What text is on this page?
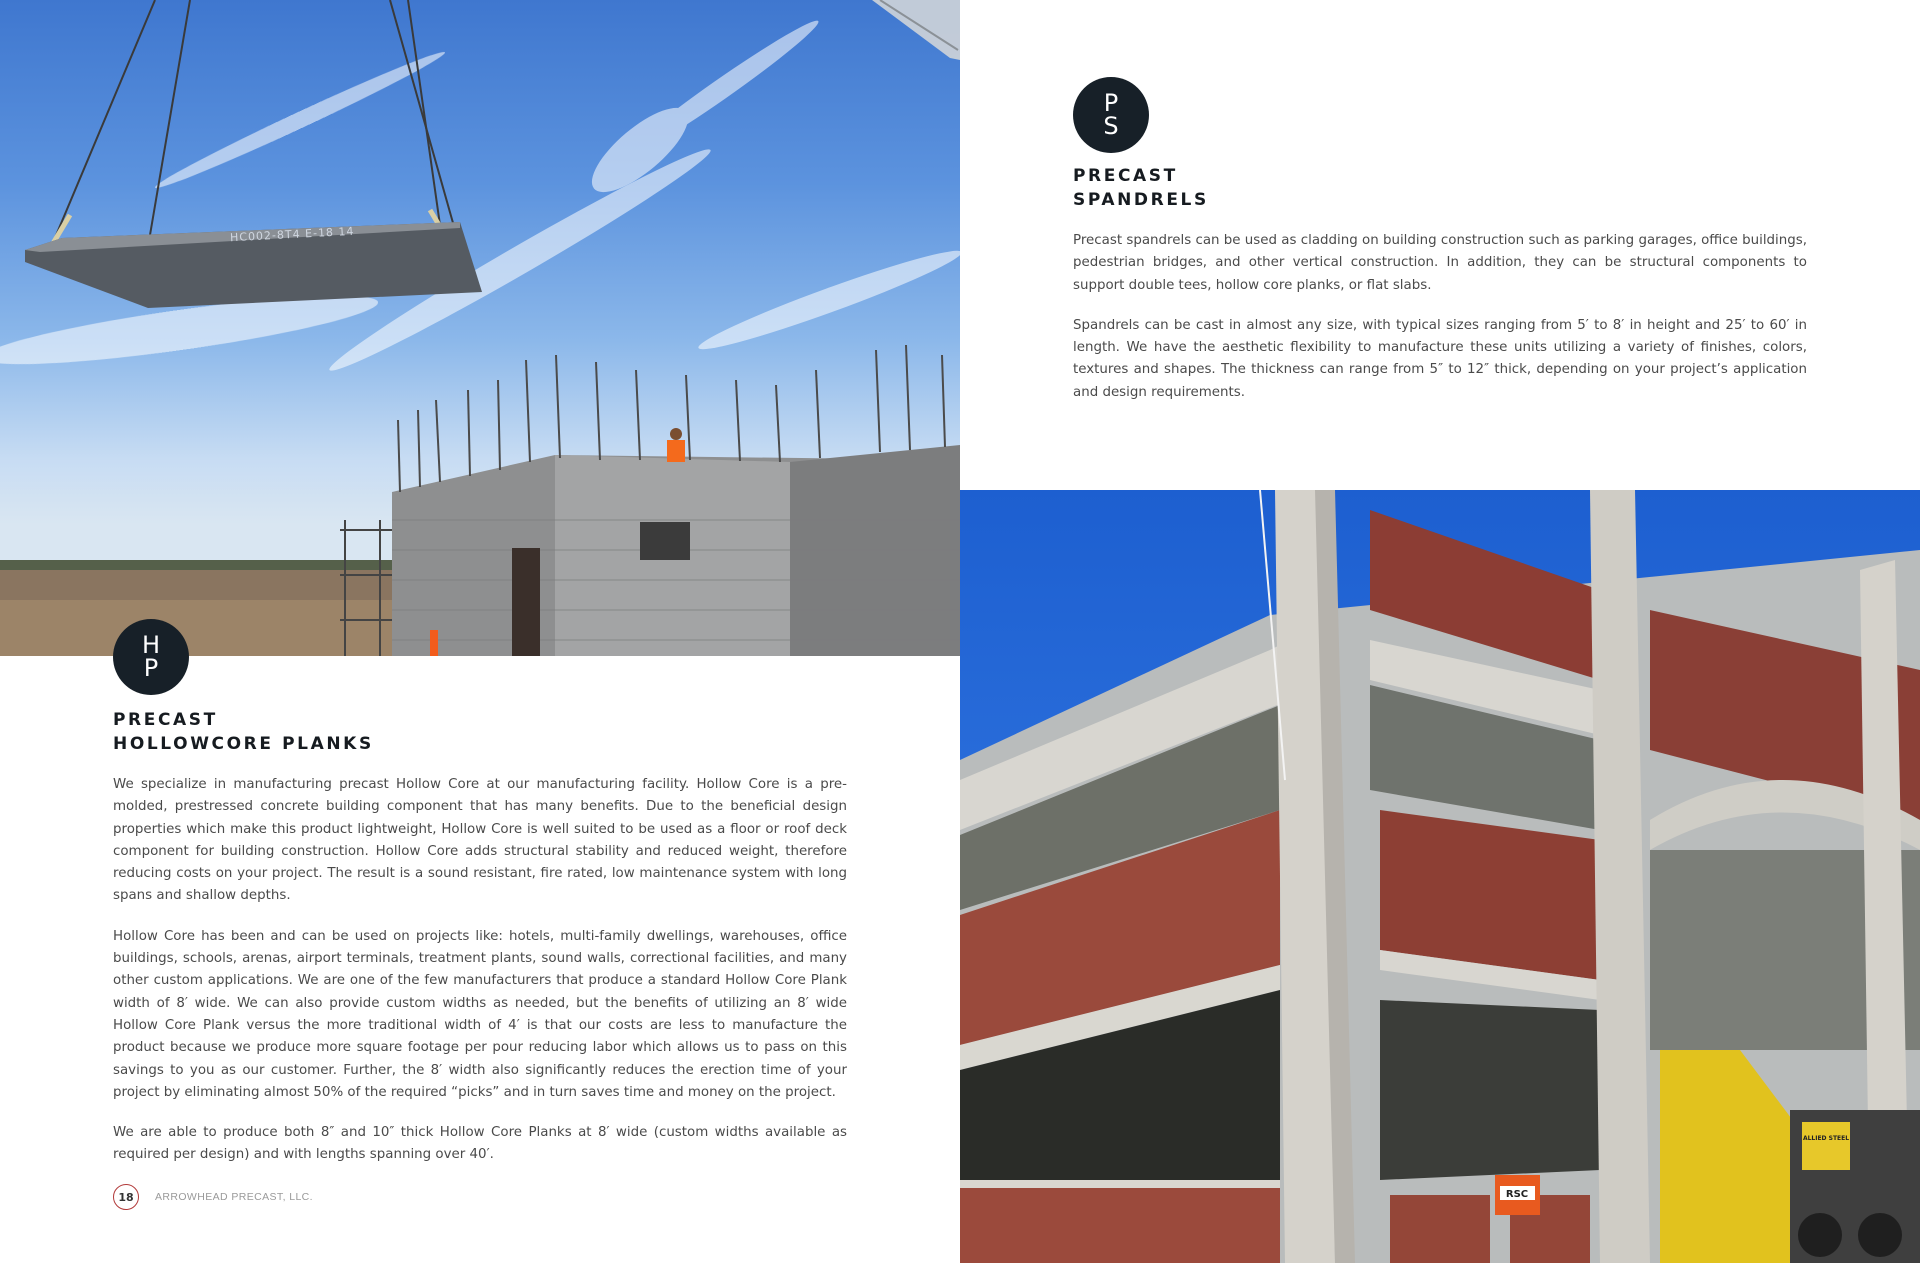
RSC
ALLIED STEEL
P
S
PRECAST
SPANDRELS

Precast spandrels can be used as cladding on building construction such as parking garages, office buildings, pedestrian bridges, and other vertical construction. In addition, they can be structural components to support double tees, hollow core planks, or flat slabs.

Spandrels can be cast in almost any size, with typical sizes ranging from 5′ to 8′ in height and 25′ to 60′ in length. We have the aesthetic flexibility to manufacture these units utilizing a variety of finishes, colors, textures and shapes. The thickness can range from 5″ to 12″ thick, depending on your project’s application and design requirements.

H
P
PRECAST
HOLLOWCORE PLANKS

We specialize in manufacturing precast Hollow Core at our manufacturing facility. Hollow Core is a pre-molded, prestressed concrete building component that has many benefits. Due to the beneficial design properties which make this product lightweight, Hollow Core is well suited to be used as a floor or roof deck component for building construction. Hollow Core adds structural stability and reduced weight, therefore reducing costs on your project. The result is a sound resistant, fire rated, low maintenance system with long spans and shallow depths.

Hollow Core has been and can be used on projects like: hotels, multi-family dwellings, warehouses, office buildings, schools, arenas, airport terminals, treatment plants, sound walls, correctional facilities, and many other custom applications. We are one of the few manufacturers that produce a standard Hollow Core Plank width of 8′ wide. We can also provide custom widths as needed, but the benefits of utilizing an 8′ wide Hollow Core Plank versus the more traditional width of 4′ is that our costs are less to manufacture the product because we produce more square footage per pour reducing labor which allows us to pass on this savings to you as our customer. Further, the 8′ width also significantly reduces the erection time of your project by eliminating almost 50% of the required “picks” and in turn saves time and money on the project.

We are able to produce both 8″ and 10″ thick Hollow Core Planks at 8′ wide (custom widths available as required per design) and with lengths spanning over 40′.

18	ARROWHEAD PRECAST, LLC.
HC002-8T4 E-18 14
